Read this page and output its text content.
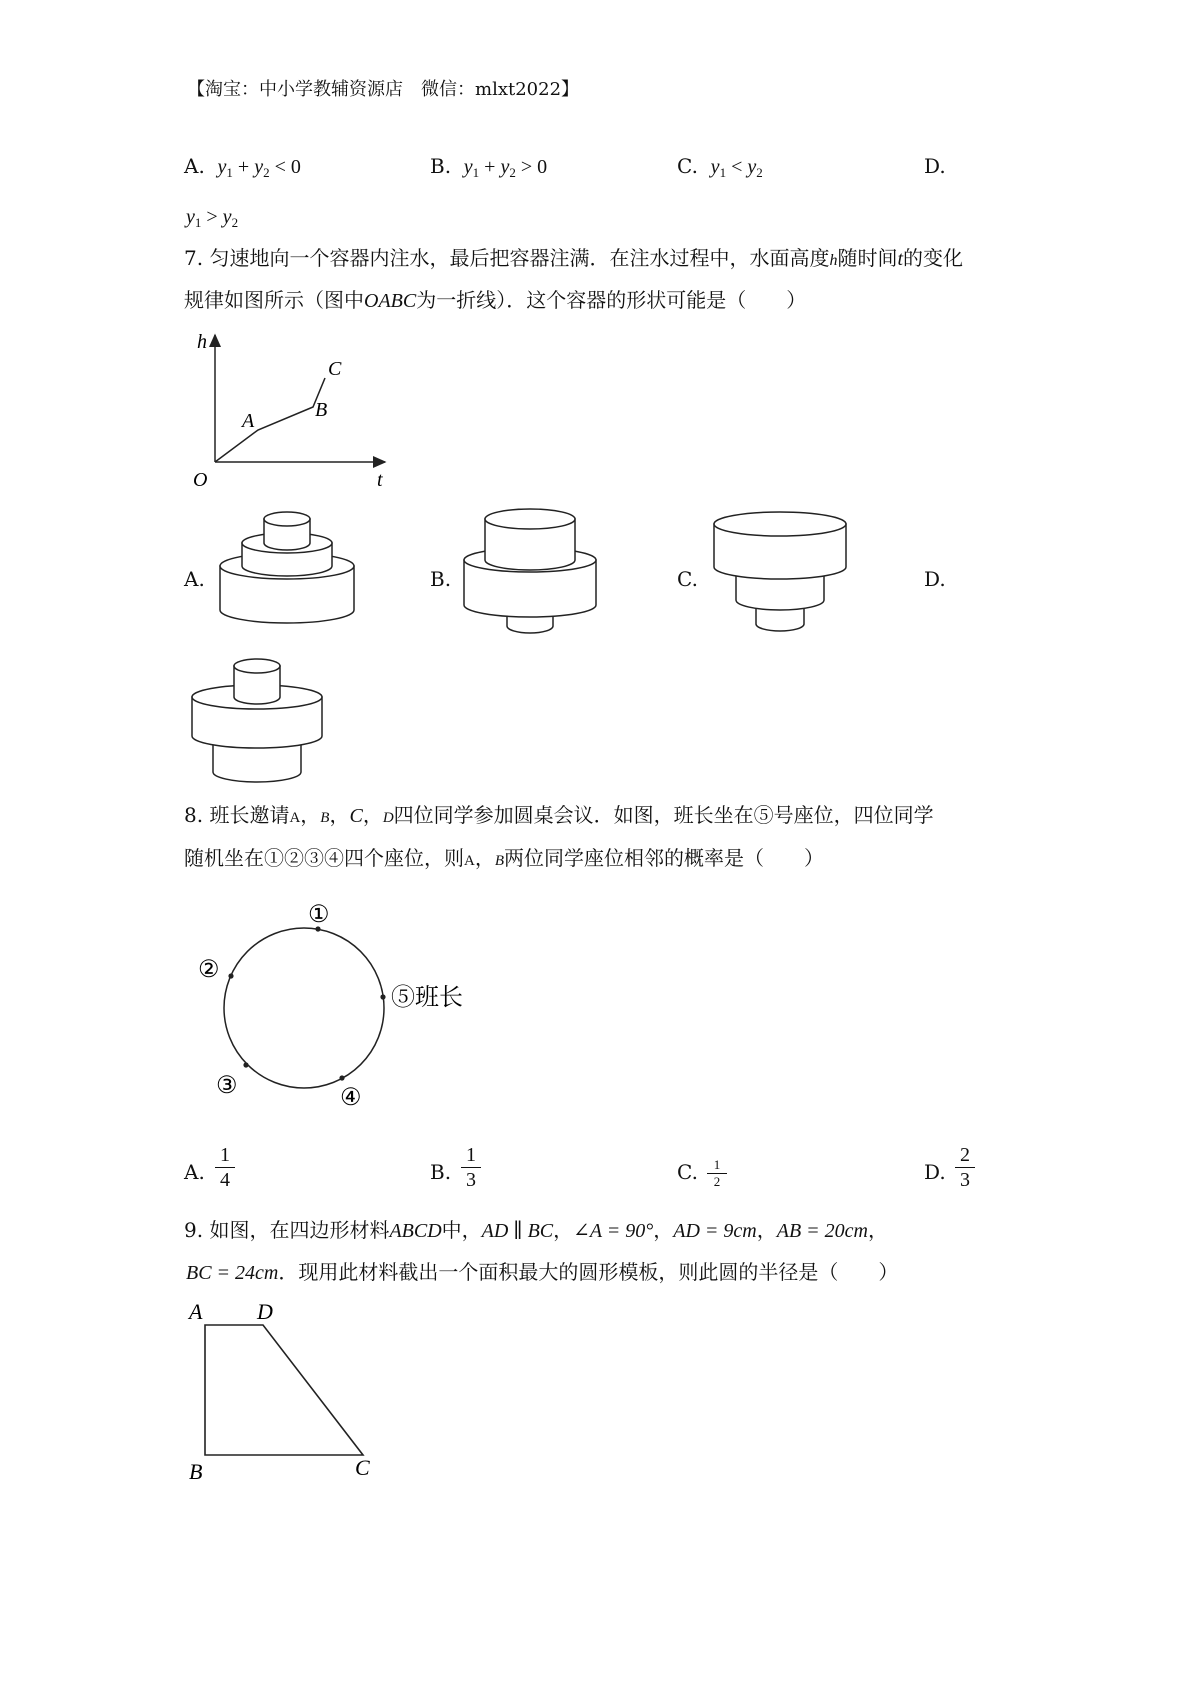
【淘宝：中小学教辅资源店　微信：mlxt2022】
A. $y_1 + y_2 < 0$	B. $y_1 + y_2 > 0$	C. $y_1 < y_2$	D.
$y_1 > y_2$
7. 匀速地向一个容器内注水，最后把容器注满．在注水过程中，水面高度h随时间t的变化
规律如图所示（图中OABC为一折线）．这个容器的形状可能是（　　）
h
t
O
A	B
C
A.	B.	C.	D.
8. 班长邀请A，B，C，D四位同学参加圆桌会议．如图，班长坐在⑤号座位，四位同学
随机坐在①②③④四个座位，则A，B两位同学座位相邻的概率是（　　）
①
②
③	④
⑤班长
A.
1
4	B.
1
3	C.	1
2	D.
2
3
9. 如图，在四边形材料ABCD中，AD ∥ BC，∠A = 90°，AD = 9cm，AB = 20cm，
BC = 24cm．现用此材料截出一个面积最大的圆形模板，则此圆的半径是（　　）
A D
B	C
